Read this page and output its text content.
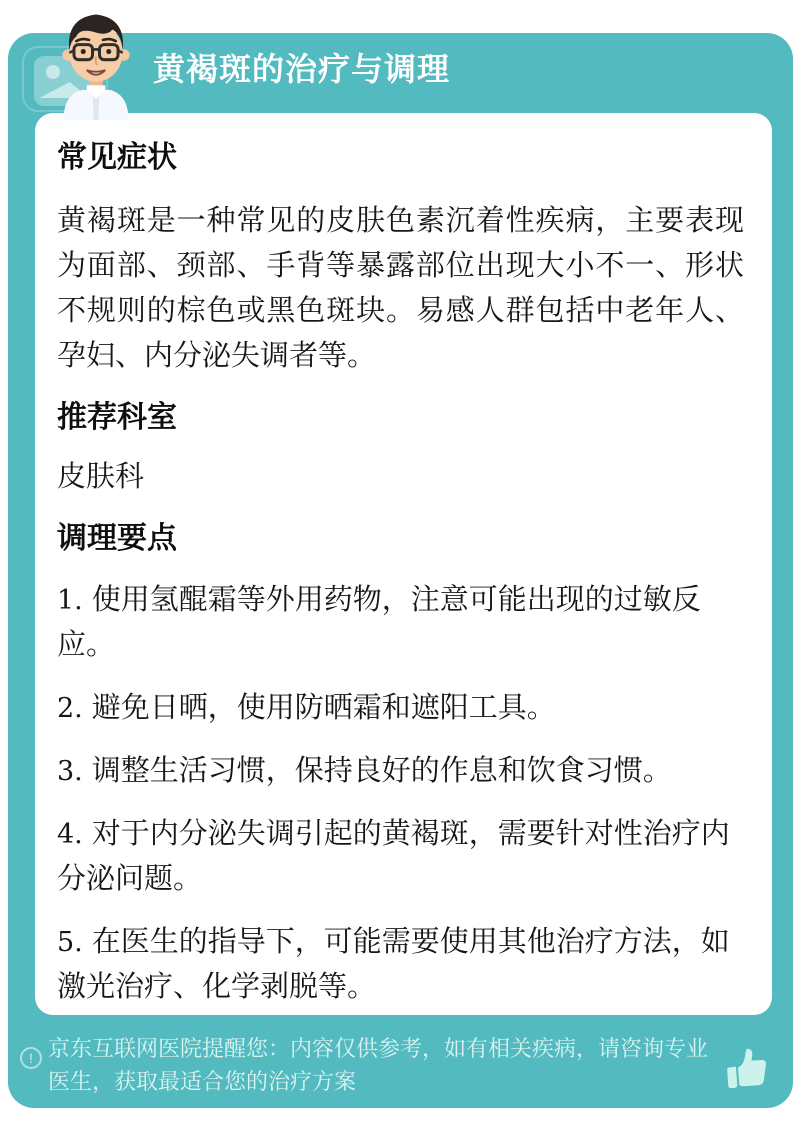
黄褐斑的治疗与调理
常见症状

黄褐斑是一种常见的皮肤色素沉着性疾病，主要表现为面部、颈部、手背等暴露部位出现大小不一、形状不规则的棕色或黑色斑块。易感人群包括中老年人、孕妇、内分泌失调者等。

推荐科室

皮肤科

调理要点
1. 使用氢醌霜等外用药物，注意可能出现的过敏反应。
2. 避免日晒，使用防晒霜和遮阳工具。
3. 调整生活习惯，保持良好的作息和饮食习惯。
4. 对于内分泌失调引起的黄褐斑，需要针对性治疗内分泌问题。
5. 在医生的指导下，可能需要使用其他治疗方法，如激光治疗、化学剥脱等。
! 京东互联网医院提醒您：内容仅供参考，如有相关疾病，请咨询专业医生，获取最适合您的治疗方案
